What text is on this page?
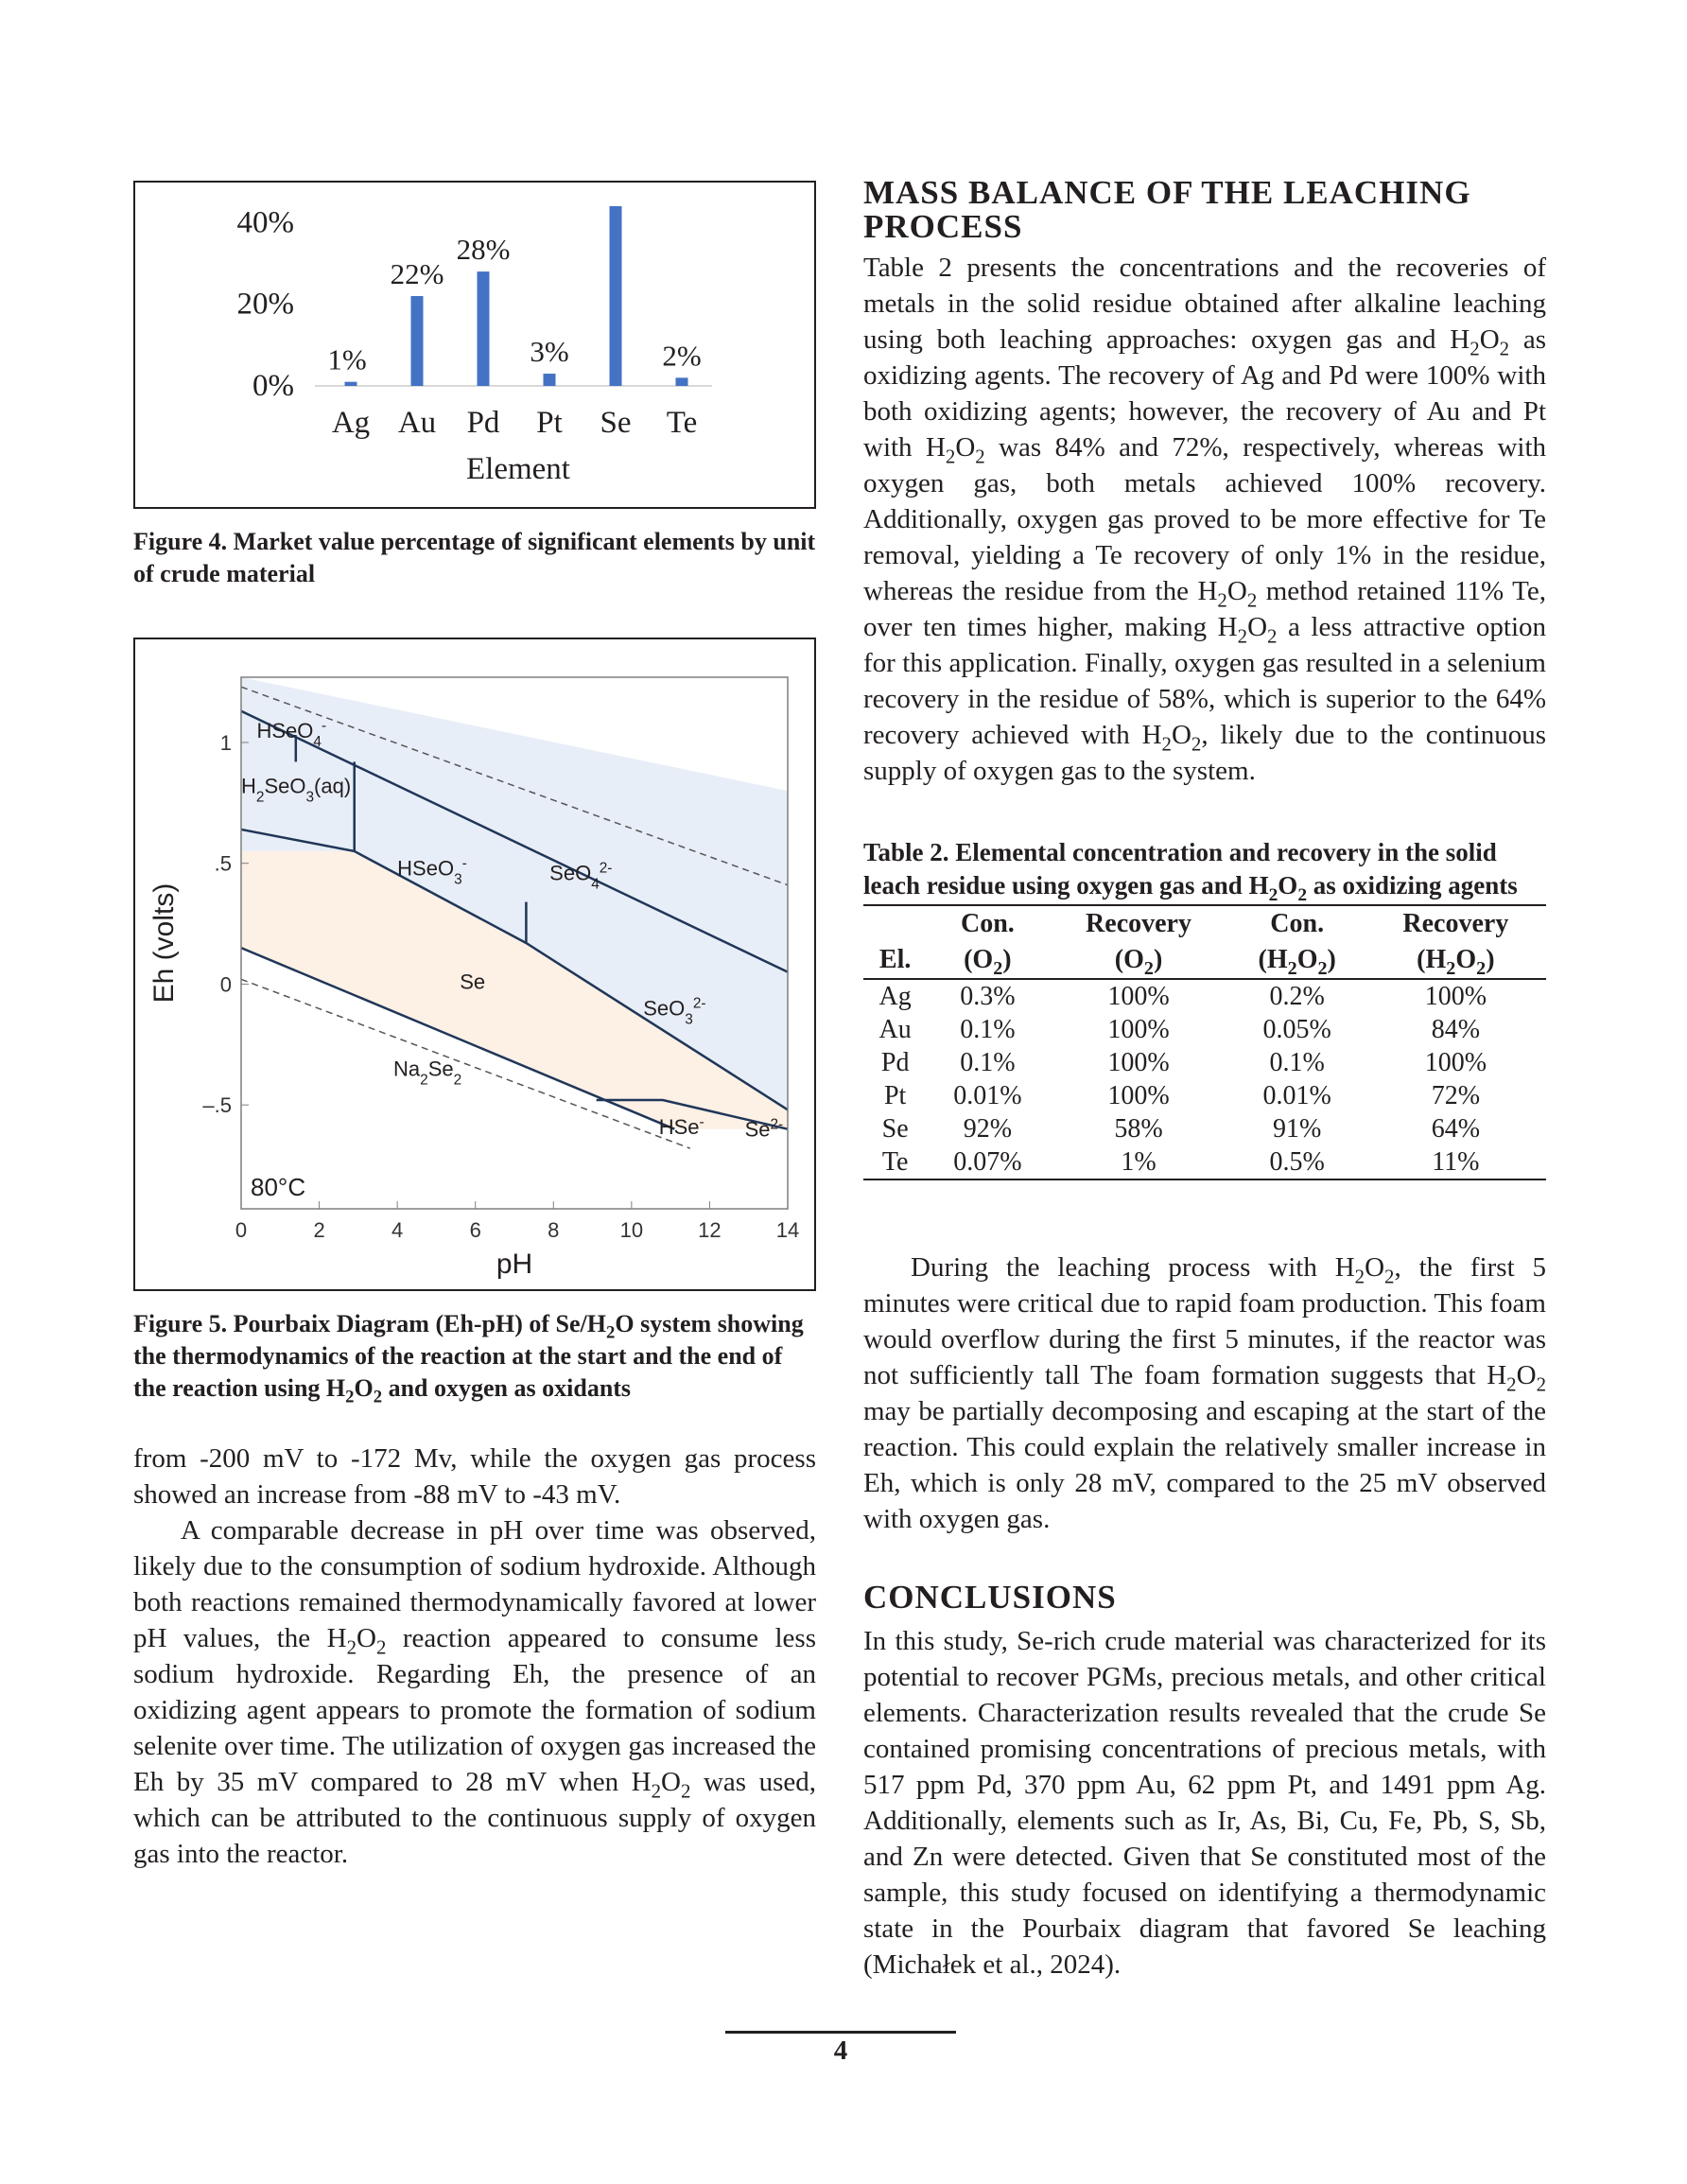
0%
20%
40%
1%
Ag
22%
Au
28%
Pd
3%
Pt Se
2%
Te
Element
Figure 4. Market value percentage of significant elements by unit of crude material
1
.5
0
–.5
0	2	4	6	8	10	12	14
pH
Eh (volts)
80°C
HSeO$_4$-
$H_2SeO_3(aq)$
HSeO$_3$-	SeO$_4^{2-}$
Se
SeO$_3^{2-}$
$Na_2Se_2$
HSe- $Se^{2-}$
Figure 5. Pourbaix Diagram (Eh-pH) of $Se/H_2O$ system showing the thermodynamics of the reaction at the start and the end of the reaction using $H_2O_2$ and oxygen as oxidants

from -200 mV to -172 Mv, while the oxygen gas process showed an increase from -88 mV to -43 mV.

A comparable decrease in pH over time was observed, likely due to the consumption of sodium hydroxide. Although both reactions remained thermodynamically favored at lower pH values, the $H_2O_2$ reaction appeared to consume less sodium hydroxide. Regarding Eh, the presence of an oxidizing agent appears to promote the formation of sodium selenite over time. The utilization of oxygen gas increased the Eh by 35 mV compared to 28 mV when $H_2O_2$ was used, which can be attributed to the continuous supply of oxygen gas into the reactor.

MASS BALANCE OF THE LEACHING PROCESS

Table 2 presents the concentrations and the recoveries of metals in the solid residue obtained after alkaline leaching using both leaching approaches: oxygen gas and $H_2O_2$ as oxidizing agents. The recovery of Ag and Pd were 100% with both oxidizing agents; however, the recovery of Au and Pt with $H_2O_2$ was 84% and 72%, respectively, whereas with oxygen gas, both metals achieved 100% recovery. Additionally, oxygen gas proved to be more effective for Te removal, yielding a Te recovery of only 1% in the residue, whereas the residue from the $H_2O_2$ method retained 11% Te, over ten times higher, making $H_2O_2$ a less attractive option for this application. Finally, oxygen gas resulted in a selenium recovery in the residue of 58%, which is superior to the 64% recovery achieved with $H_2O_2$, likely due to the continuous supply of oxygen gas to the system.

Table 2. Elemental concentration and recovery in the solid leach residue using oxygen gas and $H_2O_2$ as oxidizing agents
	Con.	Recovery	Con.	Recovery
El.	$(O_2)$	$(O_2)$	$(H_2O_2)$	$(H_2O_2)$
Ag	0.3%	100%	0.2%	100%
Au	0.1%	100%	0.05%	84%
Pd	0.1%	100%	0.1%	100%
Pt	0.01%	100%	0.01%	72%
Se	92%	58%	91%	64%
Te	0.07%	1%	0.5%	11%

During the leaching process with $H_2O_2$, the first 5 minutes were critical due to rapid foam production. This foam would overflow during the first 5 minutes, if the reactor was not sufficiently tall The foam formation suggests that $H_2O_2$ may be partially decomposing and escaping at the start of the reaction. This could explain the relatively smaller increase in Eh, which is only 28 mV, compared to the 25 mV observed with oxygen gas.

CONCLUSIONS
In this study, Se-rich crude material was characterized for its potential to recover PGMs, precious metals, and other critical elements. Characterization results revealed that the crude Se contained promising concentrations of precious metals, with 517 ppm Pd, 370 ppm Au, 62 ppm Pt, and 1491 ppm Ag. Additionally, elements such as Ir, As, Bi, Cu, Fe, Pb, S, Sb, and Zn were detected. Given that Se constituted most of the sample, this study focused on identifying a thermodynamic state in the Pourbaix diagram that favored Se leaching (Michałek et al., 2024).
4
